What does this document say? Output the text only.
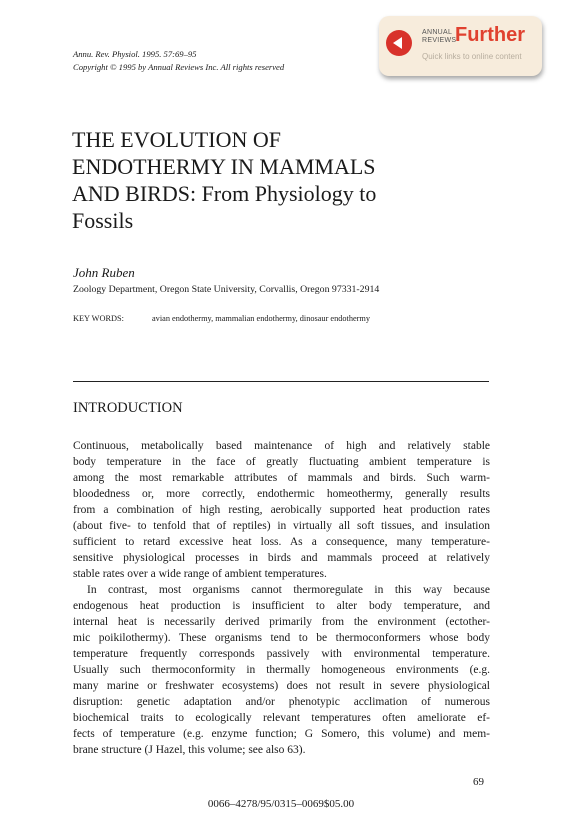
Annu. Rev. Physiol. 1995. 57:69–95
Copyright © 1995 by Annual Reviews Inc. All rights reserved
ANNUAL
REVIEWS
Further
Quick links to online content
THE EVOLUTION OF
ENDOTHERMY IN MAMMALS
AND BIRDS: From Physiology to
Fossils
John Ruben
Zoology Department, Oregon State University, Corvallis, Oregon 97331-2914
KEY WORDS:	avian endothermy, mammalian endothermy, dinosaur endothermy
INTRODUCTION
Continuous, metabolically based maintenance of high and relatively stable
body temperature in the face of greatly fluctuating ambient temperature is
among the most remarkable attributes of mammals and birds. Such warm-
bloodedness or, more correctly, endothermic homeothermy, generally results
from a combination of high resting, aerobically supported heat production rates
(about five- to tenfold that of reptiles) in virtually all soft tissues, and insulation
sufficient to retard excessive heat loss. As a consequence, many temperature-
sensitive physiological processes in birds and mammals proceed at relatively
stable rates over a wide range of ambient temperatures.
In contrast, most organisms cannot thermoregulate in this way because
endogenous heat production is insufficient to alter body temperature, and
internal heat is necessarily derived primarily from the environment (ectother-
mic poikilothermy). These organisms tend to be thermoconformers whose body
temperature frequently corresponds passively with environmental temperature.
Usually such thermoconformity in thermally homogeneous environments (e.g.
many marine or freshwater ecosystems) does not result in severe physiological
disruption: genetic adaptation and/or phenotypic acclimation of numerous
biochemical traits to ecologically relevant temperatures often ameliorate ef-
fects of temperature (e.g. enzyme function; G Somero, this volume) and mem-
brane structure (J Hazel, this volume; see also 63).
69
0066–4278/95/0315–0069$05.00
